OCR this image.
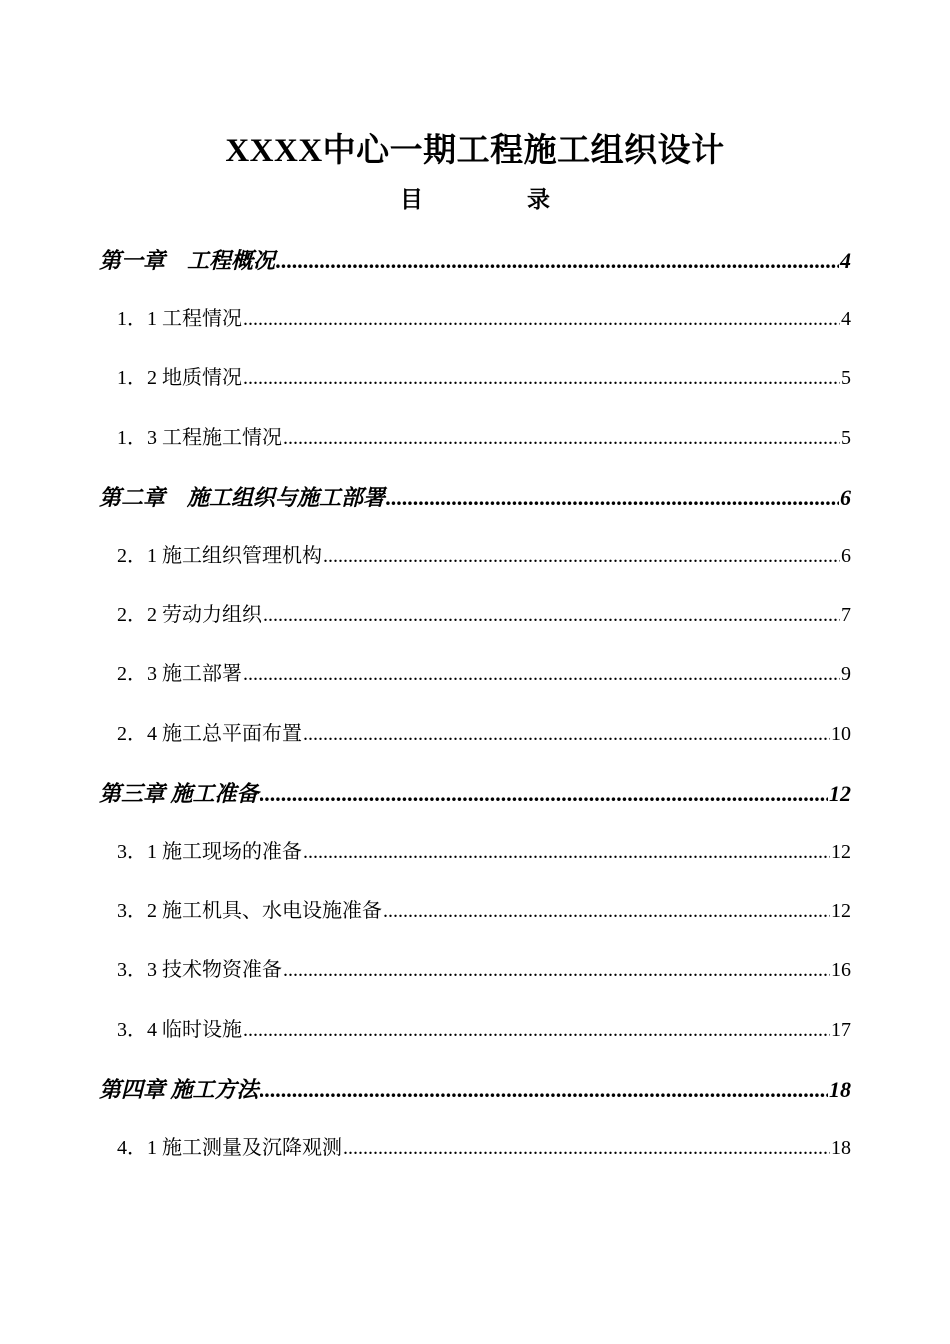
XXXX中心一期工程施工组织设计
目	录
第一章　工程概况 .....	4
1．1 工程情况 .....	4
1．2 地质情况 .....	5
1．3 工程施工情况 .....	5
第二章　施工组织与施工部署 .....	6
2．1 施工组织管理机构 .....	6
2．2 劳动力组织 .....	7
2．3 施工部署 .....	9
2．4 施工总平面布置 .....	10
第三章 施工准备 .....	12
3．1 施工现场的准备 .....	12
3．2 施工机具、水电设施准备 .....	12
3．3 技术物资准备 .....	16
3．4 临时设施 .....	17
第四章 施工方法 .....	18
4．1 施工测量及沉降观测 .....	18
